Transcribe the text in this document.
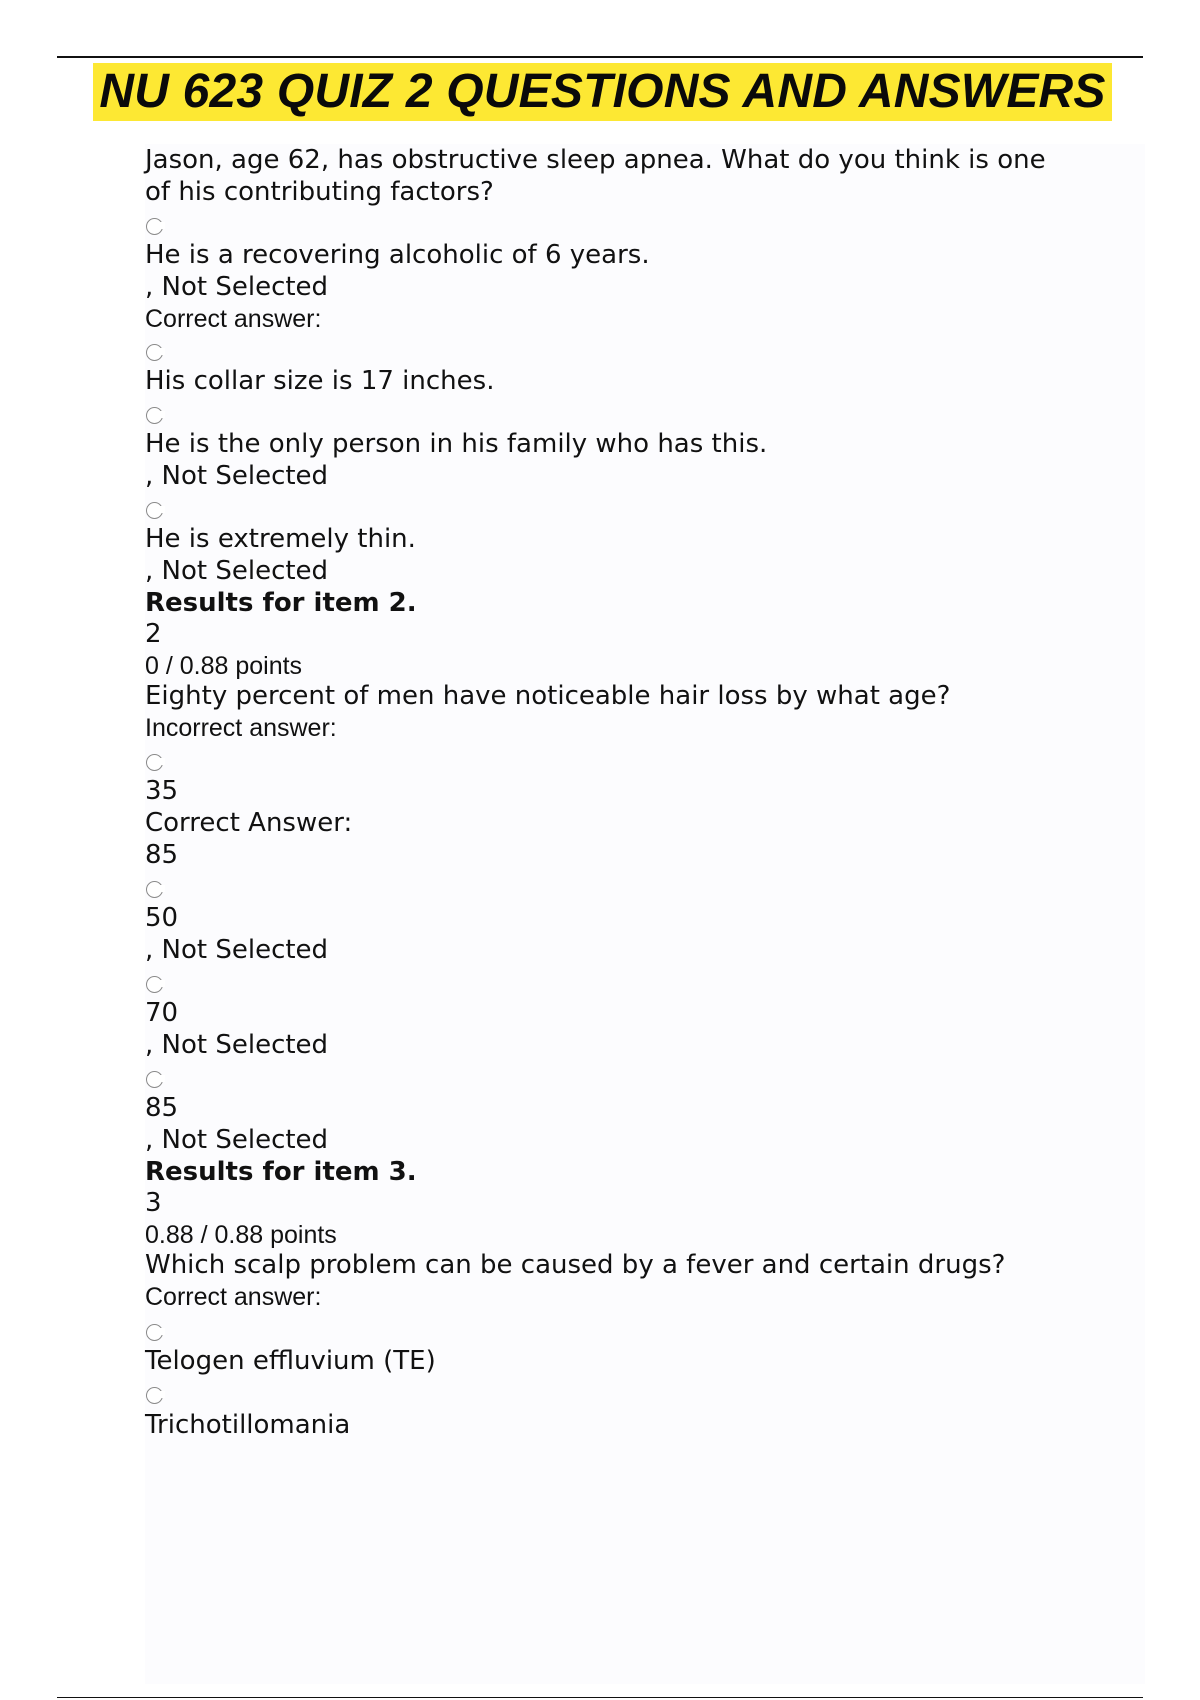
NU 623 QUIZ 2 QUESTIONS AND ANSWERS
Jason, age 62, has obstructive sleep apnea. What do you think is one
of his contributing factors?
He is a recovering alcoholic of 6 years.
, Not Selected
Correct answer:
His collar size is 17 inches.
He is the only person in his family who has this.
, Not Selected
He is extremely thin.
, Not Selected
Results for item 2.
2
0 / 0.88 points
Eighty percent of men have noticeable hair loss by what age?
Incorrect answer:
35
Correct Answer:
85
50
, Not Selected
70
, Not Selected
85
, Not Selected
Results for item 3.
3
0.88 / 0.88 points
Which scalp problem can be caused by a fever and certain drugs?
Correct answer:
Telogen effluvium (TE)
Trichotillomania
